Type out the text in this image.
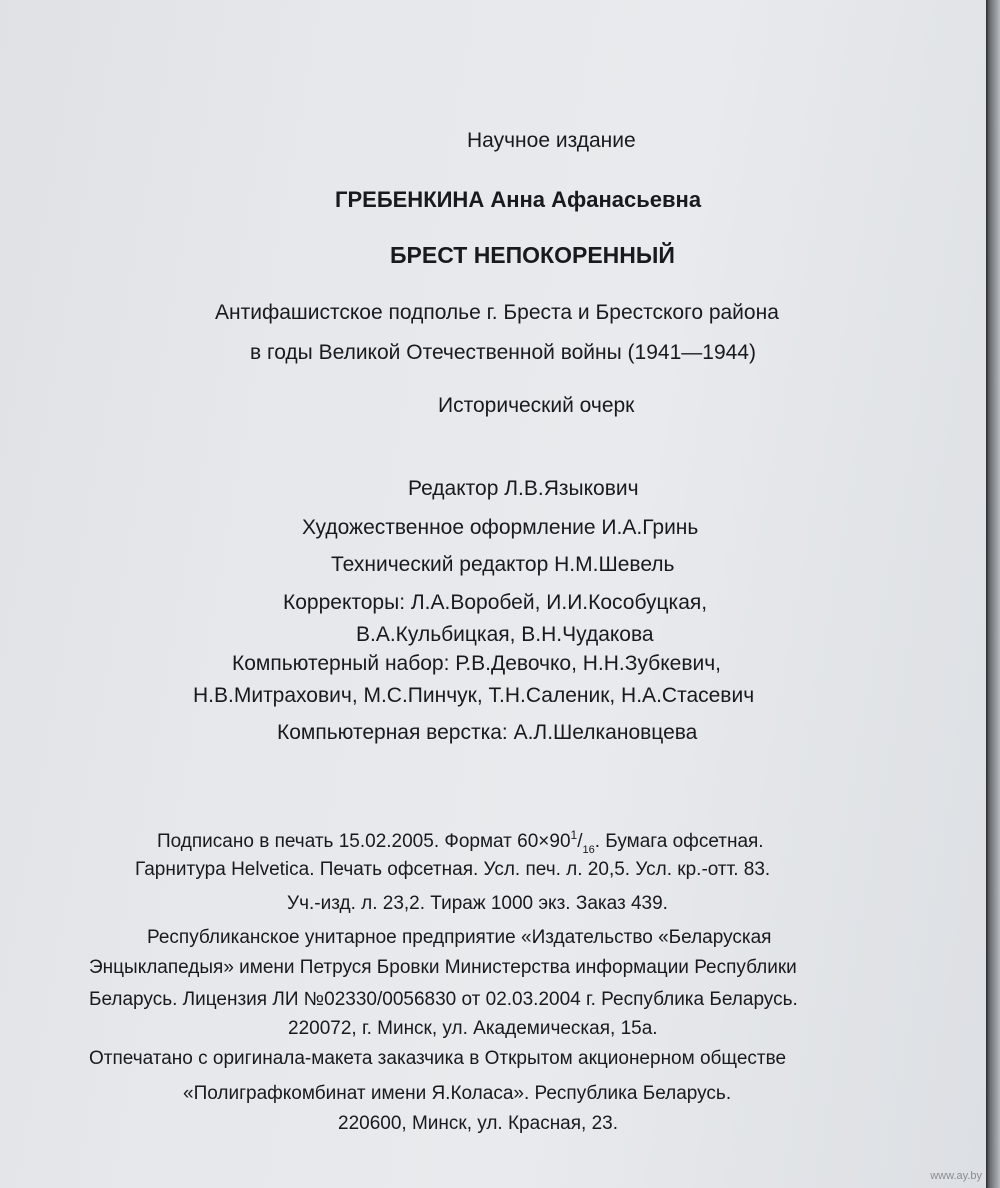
Научное издание
ГРЕБЕНКИНА Анна Афанасьевна
БРЕСТ НЕПОКОРЕННЫЙ
Антифашистское подполье г. Бреста и Брестского района
в годы Великой Отечественной войны (1941—1944)
Исторический очерк
Редактор Л.В.Языкович
Художественное оформление И.А.Гринь
Технический редактор Н.М.Шевель
Корректоры: Л.А.Воробей, И.И.Кособуцкая,
В.А.Кульбицкая, В.Н.Чудакова
Компьютерный набор: Р.В.Девочко, Н.Н.Зубкевич,
Н.В.Митрахович, М.С.Пинчук, Т.Н.Саленик, Н.А.Стасевич
Компьютерная верстка: А.Л.Шелкановцева
Подписано в печать 15.02.2005. Формат $60\times 90^1/_{16}$. Бумага офсетная.
Гарнитура Helvetica. Печать офсетная. Усл. печ. л. 20,5. Усл. кр.-отт. 83.
Уч.-изд. л. 23,2. Тираж 1000 экз. Заказ 439.
Республиканское унитарное предприятие «Издательство «Беларуская
Энцыклапедыя» имени Петруся Бровки Министерства информации Республики
Беларусь. Лицензия ЛИ №02330/0056830 от 02.03.2004 г. Республика Беларусь.
220072, г. Минск, ул. Академическая, 15а.
Отпечатано с оригинала-макета заказчика в Открытом акционерном обществе
«Полиграфкомбинат имени Я.Коласа». Республика Беларусь.
220600, Минск, ул. Красная, 23.
www.ay.by
